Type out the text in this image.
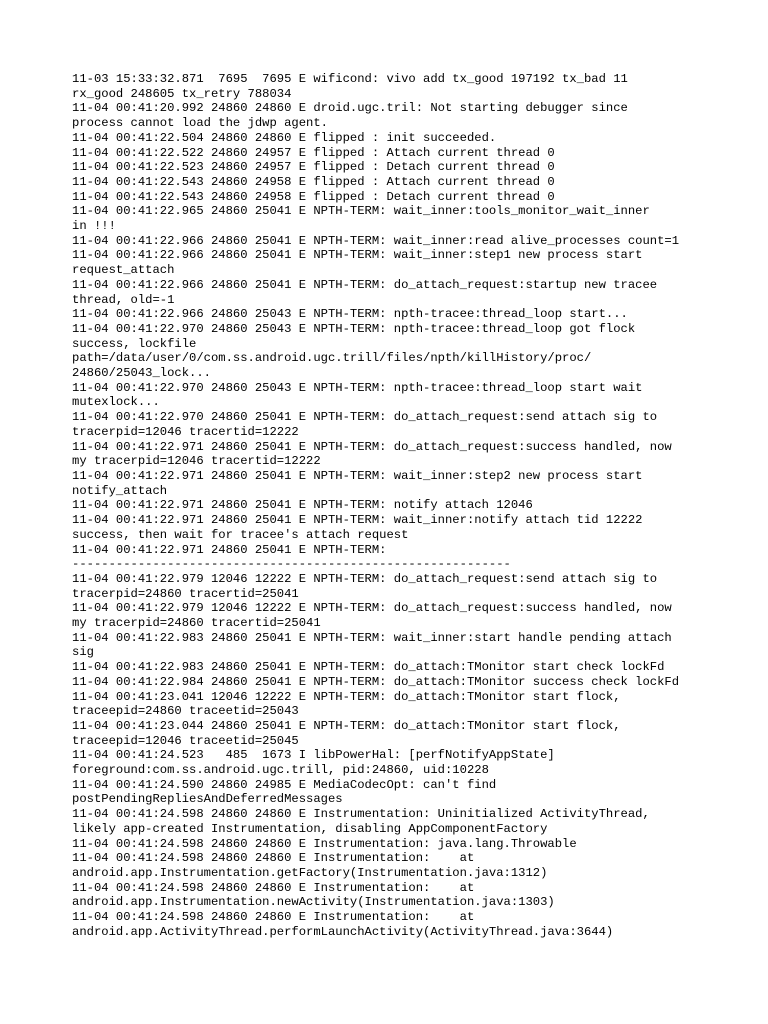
11-03 15:33:32.871  7695  7695 E wificond: vivo add tx_good 197192 tx_bad 11
rx_good 248605 tx_retry 788034
11-04 00:41:20.992 24860 24860 E droid.ugc.tril: Not starting debugger since
process cannot load the jdwp agent.
11-04 00:41:22.504 24860 24860 E flipped : init succeeded.
11-04 00:41:22.522 24860 24957 E flipped : Attach current thread 0
11-04 00:41:22.523 24860 24957 E flipped : Detach current thread 0
11-04 00:41:22.543 24860 24958 E flipped : Attach current thread 0
11-04 00:41:22.543 24860 24958 E flipped : Detach current thread 0
11-04 00:41:22.965 24860 25041 E NPTH-TERM: wait_inner:tools_monitor_wait_inner
in !!!
11-04 00:41:22.966 24860 25041 E NPTH-TERM: wait_inner:read alive_processes count=1
11-04 00:41:22.966 24860 25041 E NPTH-TERM: wait_inner:step1 new process start
request_attach
11-04 00:41:22.966 24860 25041 E NPTH-TERM: do_attach_request:startup new tracee
thread, old=-1
11-04 00:41:22.966 24860 25043 E NPTH-TERM: npth-tracee:thread_loop start...
11-04 00:41:22.970 24860 25043 E NPTH-TERM: npth-tracee:thread_loop got flock
success, lockfile
path=/data/user/0/com.ss.android.ugc.trill/files/npth/killHistory/proc/
24860/25043_lock...
11-04 00:41:22.970 24860 25043 E NPTH-TERM: npth-tracee:thread_loop start wait
mutexlock...
11-04 00:41:22.970 24860 25041 E NPTH-TERM: do_attach_request:send attach sig to
tracerpid=12046 tracertid=12222
11-04 00:41:22.971 24860 25041 E NPTH-TERM: do_attach_request:success handled, now
my tracerpid=12046 tracertid=12222
11-04 00:41:22.971 24860 25041 E NPTH-TERM: wait_inner:step2 new process start
notify_attach
11-04 00:41:22.971 24860 25041 E NPTH-TERM: notify attach 12046
11-04 00:41:22.971 24860 25041 E NPTH-TERM: wait_inner:notify attach tid 12222
success, then wait for tracee's attach request
11-04 00:41:22.971 24860 25041 E NPTH-TERM:
------------------------------------------------------------
11-04 00:41:22.979 12046 12222 E NPTH-TERM: do_attach_request:send attach sig to
tracerpid=24860 tracertid=25041
11-04 00:41:22.979 12046 12222 E NPTH-TERM: do_attach_request:success handled, now
my tracerpid=24860 tracertid=25041
11-04 00:41:22.983 24860 25041 E NPTH-TERM: wait_inner:start handle pending attach
sig
11-04 00:41:22.983 24860 25041 E NPTH-TERM: do_attach:TMonitor start check lockFd
11-04 00:41:22.984 24860 25041 E NPTH-TERM: do_attach:TMonitor success check lockFd
11-04 00:41:23.041 12046 12222 E NPTH-TERM: do_attach:TMonitor start flock,
traceepid=24860 traceetid=25043
11-04 00:41:23.044 24860 25041 E NPTH-TERM: do_attach:TMonitor start flock,
traceepid=12046 traceetid=25045
11-04 00:41:24.523   485  1673 I libPowerHal: [perfNotifyAppState]
foreground:com.ss.android.ugc.trill, pid:24860, uid:10228
11-04 00:41:24.590 24860 24985 E MediaCodecOpt: can't find
postPendingRepliesAndDeferredMessages
11-04 00:41:24.598 24860 24860 E Instrumentation: Uninitialized ActivityThread,
likely app-created Instrumentation, disabling AppComponentFactory
11-04 00:41:24.598 24860 24860 E Instrumentation: java.lang.Throwable
11-04 00:41:24.598 24860 24860 E Instrumentation:    at
android.app.Instrumentation.getFactory(Instrumentation.java:1312)
11-04 00:41:24.598 24860 24860 E Instrumentation:    at
android.app.Instrumentation.newActivity(Instrumentation.java:1303)
11-04 00:41:24.598 24860 24860 E Instrumentation:    at
android.app.ActivityThread.performLaunchActivity(ActivityThread.java:3644)
